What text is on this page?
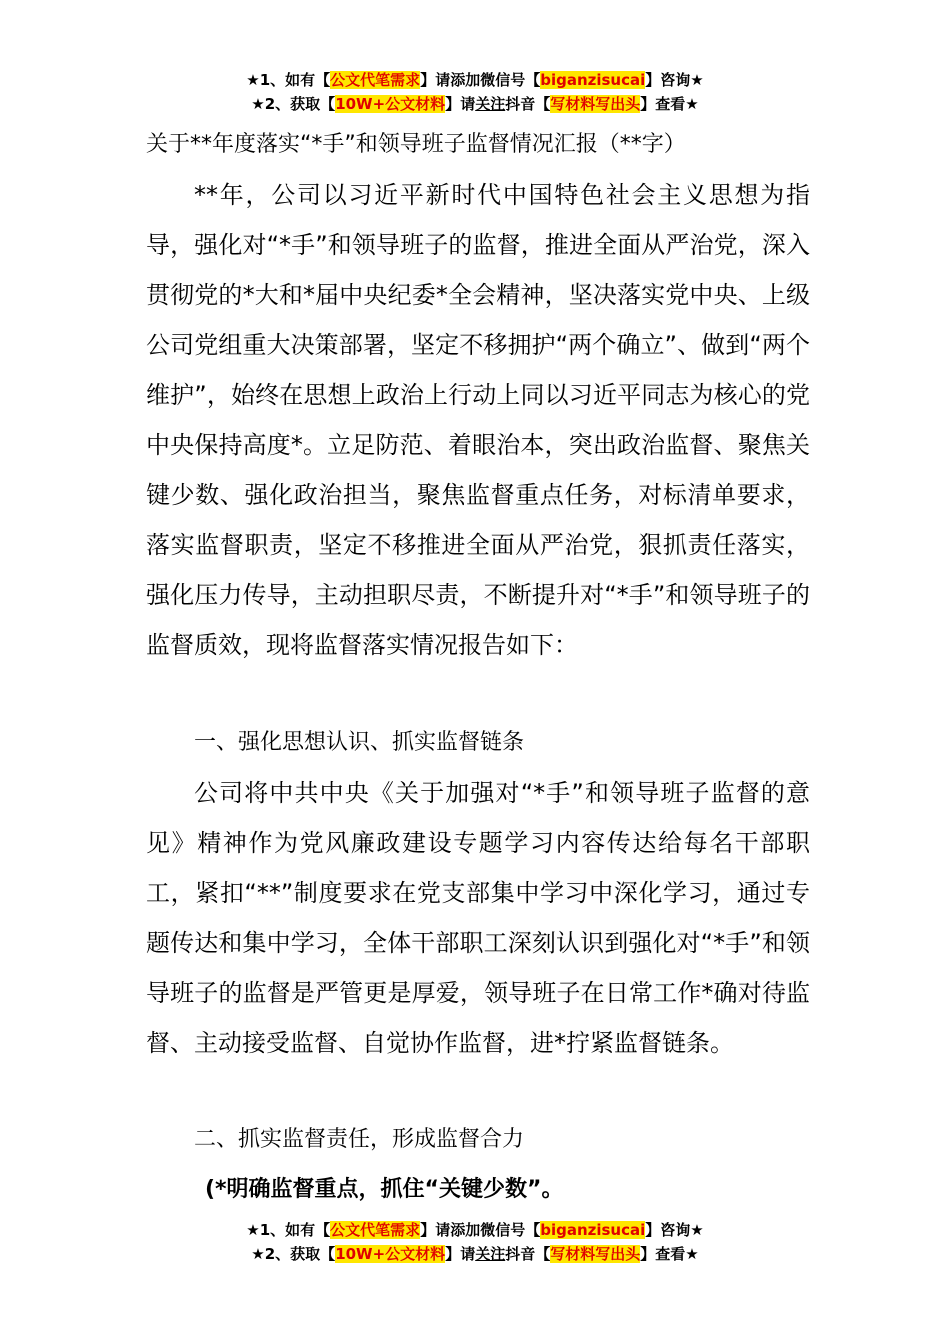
★1、如有【公文代笔需求】请添加微信号【biganzisucai】咨询★
★2、获取【10W+公文材料】请关注抖音【写材料写出头】查看★
关于**年度落实“*手”和领导班子监督情况汇报（**字）

**年，公司以习近平新时代中国特色社会主义思想为指导，强化对“*手”和领导班子的监督，推进全面从严治党，深入贯彻党的*大和*届中央纪委*全会精神，坚决落实党中央、上级公司党组重大决策部署，坚定不移拥护“两个确立”、做到“两个维护”，始终在思想上政治上行动上同以习近平同志为核心的党中央保持高度*。立足防范、着眼治本，突出政治监督、聚焦关键少数、强化政治担当，聚焦监督重点任务，对标清单要求，落实监督职责，坚定不移推进全面从严治党，狠抓责任落实，强化压力传导，主动担职尽责，不断提升对“*手”和领导班子的监督质效，现将监督落实情况报告如下：

一、强化思想认识、抓实监督链条

公司将中共中央《关于加强对“*手”和领导班子监督的意见》精神作为党风廉政建设专题学习内容传达给每名干部职工，紧扣“**”制度要求在党支部集中学习中深化学习，通过专题传达和集中学习，全体干部职工深刻认识到强化对“*手”和领导班子的监督是严管更是厚爱，领导班子在日常工作*确对待监督、主动接受监督、自觉协作监督，进*拧紧监督链条。

二、抓实监督责任，形成监督合力
(*明确监督重点，抓住“关键少数”。
★1、如有【公文代笔需求】请添加微信号【biganzisucai】咨询★
★2、获取【10W+公文材料】请关注抖音【写材料写出头】查看★
